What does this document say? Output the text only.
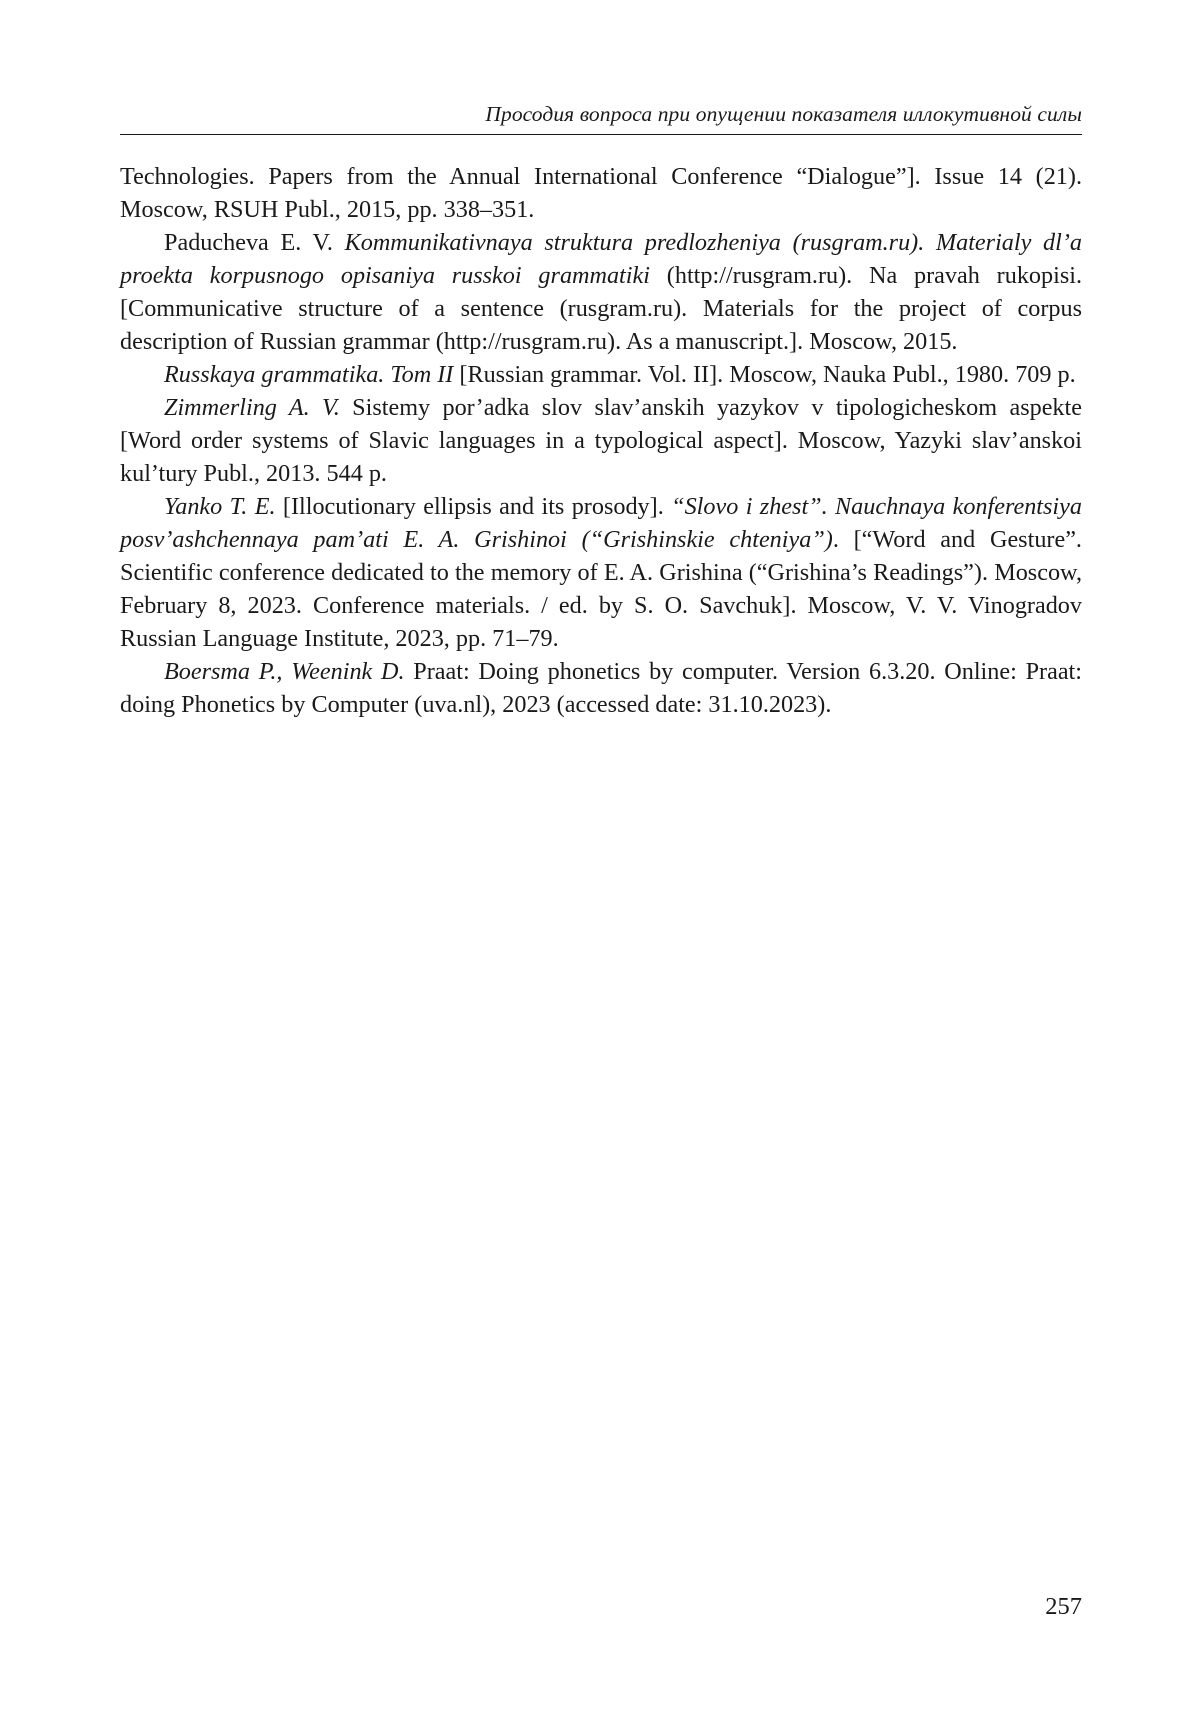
Просодия вопроса при опущении показателя иллокутивной силы

Technologies. Papers from the Annual International Conference “Dialogue”]. Issue 14 (21). Moscow, RSUH Publ., 2015, pp. 338–351.

Paducheva E. V. Kommunikativnaya struktura predlozheniya (rusgram.ru). Materialy dl’a proekta korpusnogo opisaniya russkoi grammatiki (http://rusgram.ru). Na pravah rukopisi. [Communicative structure of a sentence (rusgram.ru). Materials for the project of corpus description of Russian grammar (http://rusgram.ru). As a manuscript.]. Moscow, 2015.

Russkaya grammatika. Tom II [Russian grammar. Vol. II]. Moscow, Nauka Publ., 1980. 709 p.

Zimmerling A. V. Sistemy por’adka slov slav’anskih yazykov v tipologicheskom aspekte [Word order systems of Slavic languages in a typological aspect]. Moscow, Yazyki slav’anskoi kul’tury Publ., 2013. 544 p.

Yanko T. E. [Illocutionary ellipsis and its prosody]. “Slovo i zhest”. Nauchnaya konferentsiya posv’ashchennaya pam’ati E. A. Grishinoi (“Grishinskie chteniya”). [“Word and Gesture”. Scientific conference dedicated to the memory of E. A. Grishina (“Grishina’s Readings”). Moscow, February 8, 2023. Conference materials. / ed. by S. O. Savchuk]. Moscow, V. V. Vinogradov Russian Language Institute, 2023, pp. 71–79.

Boersma P., Weenink D. Praat: Doing phonetics by computer. Version 6.3.20. Online: Praat: doing Phonetics by Computer (uva.nl), 2023 (accessed date: 31.10.2023).

257
